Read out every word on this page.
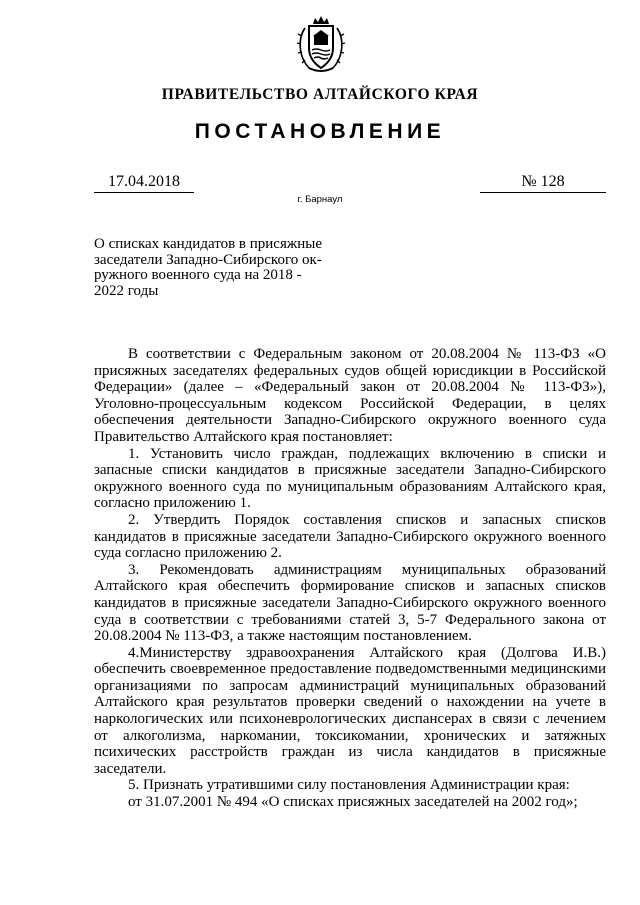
ПРАВИТЕЛЬСТВО АЛТАЙСКОГО КРАЯ
ПОСТАНОВЛЕНИЕ
17.04.2018	№ 128
г. Барнаул
О списках кандидатов в присяжные
заседатели Западно-Сибирского ок-
ружного военного суда на 2018 -
2022 годы

В соответствии с Федеральным законом от 20.08.2004 № 113-ФЗ «О присяжных заседателях федеральных судов общей юрисдикции в Российской Федерации» (далее – «Федеральный закон от 20.08.2004 № 113-ФЗ»), Уголовно-процессуальным кодексом Российской Федерации, в целях обеспечения деятельности Западно-Сибирского окружного военного суда Правительство Алтайского края постановляет:

1. Установить число граждан, подлежащих включению в списки и запасные списки кандидатов в присяжные заседатели Западно-Сибирского окружного военного суда по муниципальным образованиям Алтайского края, согласно приложению 1.

2. Утвердить Порядок составления списков и запасных списков кандидатов в присяжные заседатели Западно-Сибирского окружного военного суда согласно приложению 2.

3. Рекомендовать администрациям муниципальных образований Алтайского края обеспечить формирование списков и запасных списков кандидатов в присяжные заседатели Западно-Сибирского окружного военного суда в соответствии с требованиями статей 3, 5-7 Федерального закона от 20.08.2004 № 113-ФЗ, а также настоящим постановлением.

4.Министерству здравоохранения Алтайского края (Долгова И.В.) обеспечить своевременное предоставление подведомственными медицинскими организациями по запросам администраций муниципальных образований Алтайского края результатов проверки сведений о нахождении на учете в наркологических или психоневрологических диспансерах в связи с лечением от алкоголизма, наркомании, токсикомании, хронических и затяжных психических расстройств граждан из числа кандидатов в присяжные заседатели.

5. Признать утратившими силу постановления Администрации края:

от 31.07.2001 № 494 «О списках присяжных заседателей на 2002 год»;
